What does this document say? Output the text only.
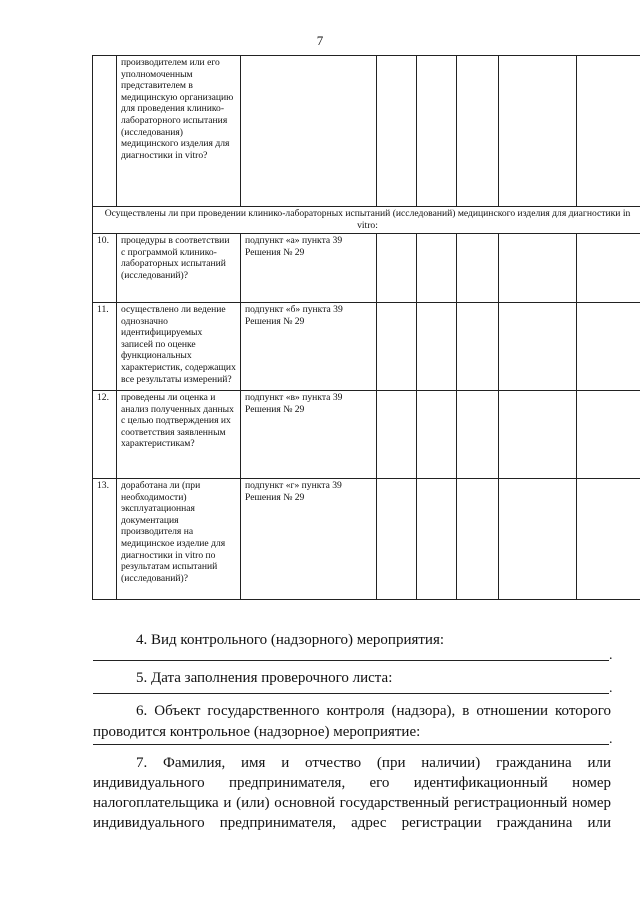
7
	производителем или его уполномоченным представителем в медицинскую организацию для проведения клинико-лабораторного испытания (исследования) медицинского изделия для диагностики in vitro?						
Осуществлены ли при проведении клинико-лабораторных испытаний (исследований) медицинского изделия для диагностики in vitro:							
10.	процедуры в соответствии с программой клинико-лабораторных испытаний (исследований)?	подпункт «а» пункта 39 Решения № 29					
11.	осуществлено ли ведение однозначно идентифицируемых записей по оценке функциональных характеристик, содержащих все результаты измерений?	подпункт «б» пункта 39 Решения № 29					
12.	проведены ли оценка и анализ полученных данных с целью подтверждения их соответствия заявленным характеристикам?	подпункт «в» пункта 39 Решения № 29					
13.	доработана ли (при необходимости) эксплуатационная документация производителя на медицинское изделие для диагностики in vitro по результатам испытаний (исследований)?	подпункт «г» пункта 39 Решения № 29					
4. Вид контрольного (надзорного) мероприятия:
.
5. Дата заполнения проверочного листа:
.
6. Объект государственного контроля (надзора), в отношении которого проводится контрольное (надзорное) мероприятие:	.
7. Фамилия, имя и отчество (при наличии) гражданина или
индивидуального предпринимателя, его идентификационный номер
налогоплательщика и (или) основной государственный регистрационный номер
индивидуального предпринимателя, адрес регистрации гражданина или
